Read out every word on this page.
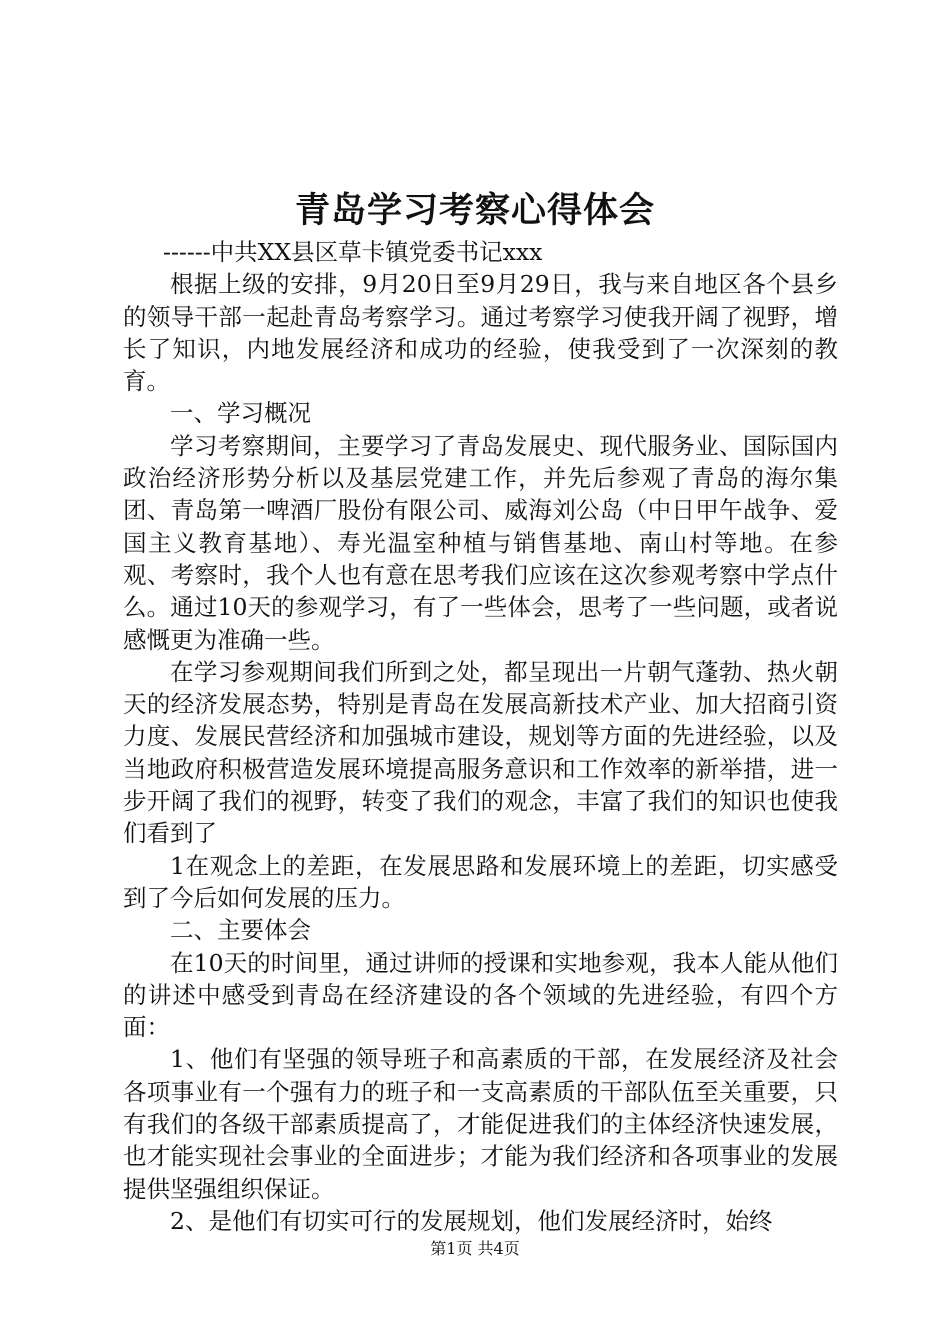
青岛学习考察心得体会

------中共XX县区草卡镇党委书记xxx

根据上级的安排，9月20日至9月29日，我与来自地区各个县乡的领导干部一起赴青岛考察学习。通过考察学习使我开阔了视野，增长了知识，内地发展经济和成功的经验，使我受到了一次深刻的教育。

一、学习概况

学习考察期间，主要学习了青岛发展史、现代服务业、国际国内政治经济形势分析以及基层党建工作，并先后参观了青岛的海尔集团、青岛第一啤酒厂股份有限公司、威海刘公岛（中日甲午战争、爱国主义教育基地）、寿光温室种植与销售基地、南山村等地。在参观、考察时，我个人也有意在思考我们应该在这次参观考察中学点什么。通过10天的参观学习，有了一些体会，思考了一些问题，或者说感慨更为准确一些。

在学习参观期间我们所到之处，都呈现出一片朝气蓬勃、热火朝天的经济发展态势，特别是青岛在发展高新技术产业、加大招商引资力度、发展民营经济和加强城市建设，规划等方面的先进经验，以及当地政府积极营造发展环境提高服务意识和工作效率的新举措，进一步开阔了我们的视野，转变了我们的观念，丰富了我们的知识也使我们看到了

1在观念上的差距，在发展思路和发展环境上的差距，切实感受到了今后如何发展的压力。

二、主要体会

在10天的时间里，通过讲师的授课和实地参观，我本人能从他们的讲述中感受到青岛在经济建设的各个领域的先进经验，有四个方面：

1、他们有坚强的领导班子和高素质的干部，在发展经济及社会各项事业有一个强有力的班子和一支高素质的干部队伍至关重要，只有我们的各级干部素质提高了，才能促进我们的主体经济快速发展，也才能实现社会事业的全面进步；才能为我们经济和各项事业的发展提供坚强组织保证。

2、是他们有切实可行的发展规划，他们发展经济时，始终

第1页 共4页
